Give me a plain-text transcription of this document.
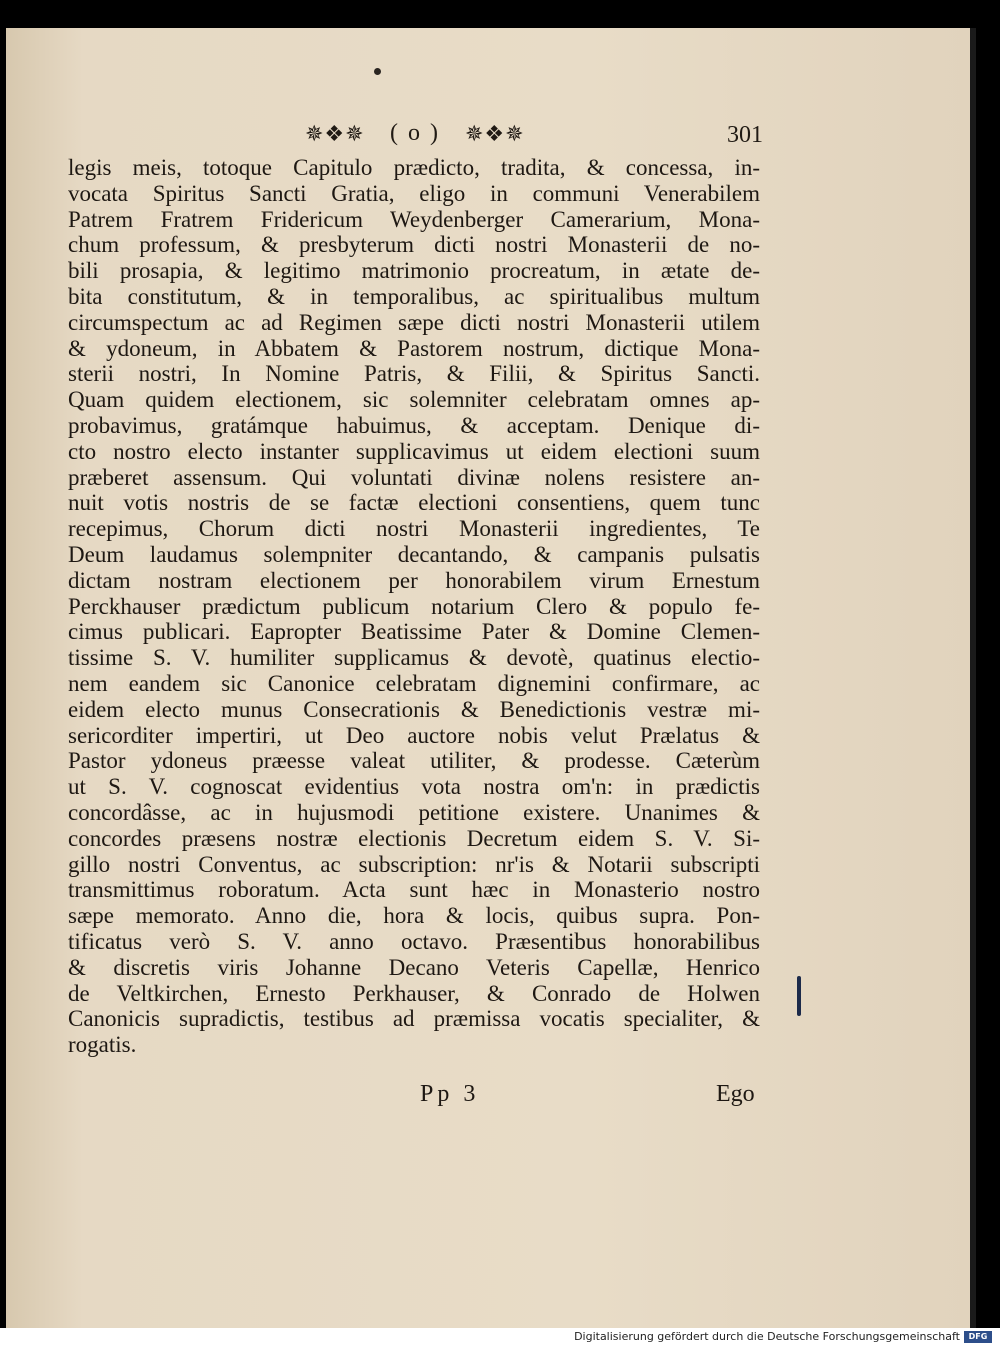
✵❖✵ ( o ) ✵❖✵	301
legis meis, totoque Capitulo prædicto, tradita, & concessa, in-
vocata Spiritus Sancti Gratia, eligo in communi Venerabilem
Patrem Fratrem Fridericum Weydenberger Camerarium, Mona-
chum professum, & presbyterum dicti nostri Monasterii de no-
bili prosapia, & legitimo matrimonio procreatum, in ætate de-
bita constitutum, & in temporalibus, ac spiritualibus multum
circumspectum ac ad Regimen sæpe dicti nostri Monasterii utilem
& ydoneum, in Abbatem & Pastorem nostrum, dictique Mona-
sterii nostri, In Nomine Patris, & Filii, & Spiritus Sancti.
Quam quidem electionem, sic solemniter celebratam omnes ap-
probavimus, gratámque habuimus, & acceptam. Denique di-
cto nostro electo instanter supplicavimus ut eidem electioni suum
præberet assensum. Qui voluntati divinæ nolens resistere an-
nuit votis nostris de se factæ electioni consentiens, quem tunc
recepimus, Chorum dicti nostri Monasterii ingredientes, Te
Deum laudamus solempniter decantando, & campanis pulsatis
dictam nostram electionem per honorabilem virum Ernestum
Perckhauser prædictum publicum notarium Clero & populo fe-
cimus publicari. Eapropter Beatissime Pater & Domine Clemen-
tissime S. V. humiliter supplicamus & devotè, quatinus electio-
nem eandem sic Canonice celebratam dignemini confirmare, ac
eidem electo munus Consecrationis & Benedictionis vestræ mi-
sericorditer impertiri, ut Deo auctore nobis velut Prælatus &
Pastor ydoneus præesse valeat utiliter, & prodesse. Cæterùm
ut S. V. cognoscat evidentius vota nostra om'n: in prædictis
concordâsse, ac in hujusmodi petitione existere. Unanimes &
concordes præsens nostræ electionis Decretum eidem S. V. Si-
gillo nostri Conventus, ac subscription: nr'is & Notarii subscripti
transmittimus roboratum. Acta sunt hæc in Monasterio nostro
sæpe memorato. Anno die, hora & locis, quibus supra. Pon-
tificatus verò S. V. anno octavo. Præsentibus honorabilibus
& discretis viris Johanne Decano Veteris Capellæ, Henrico
de Veltkirchen, Ernesto Perkhauser, & Conrado de Holwen
Canonicis supradictis, testibus ad præmissa vocatis specialiter, &
rogatis.
Pp 3	Ego
Digitalisierung gefördert durch die Deutsche Forschungsgemeinschaft	DFG
